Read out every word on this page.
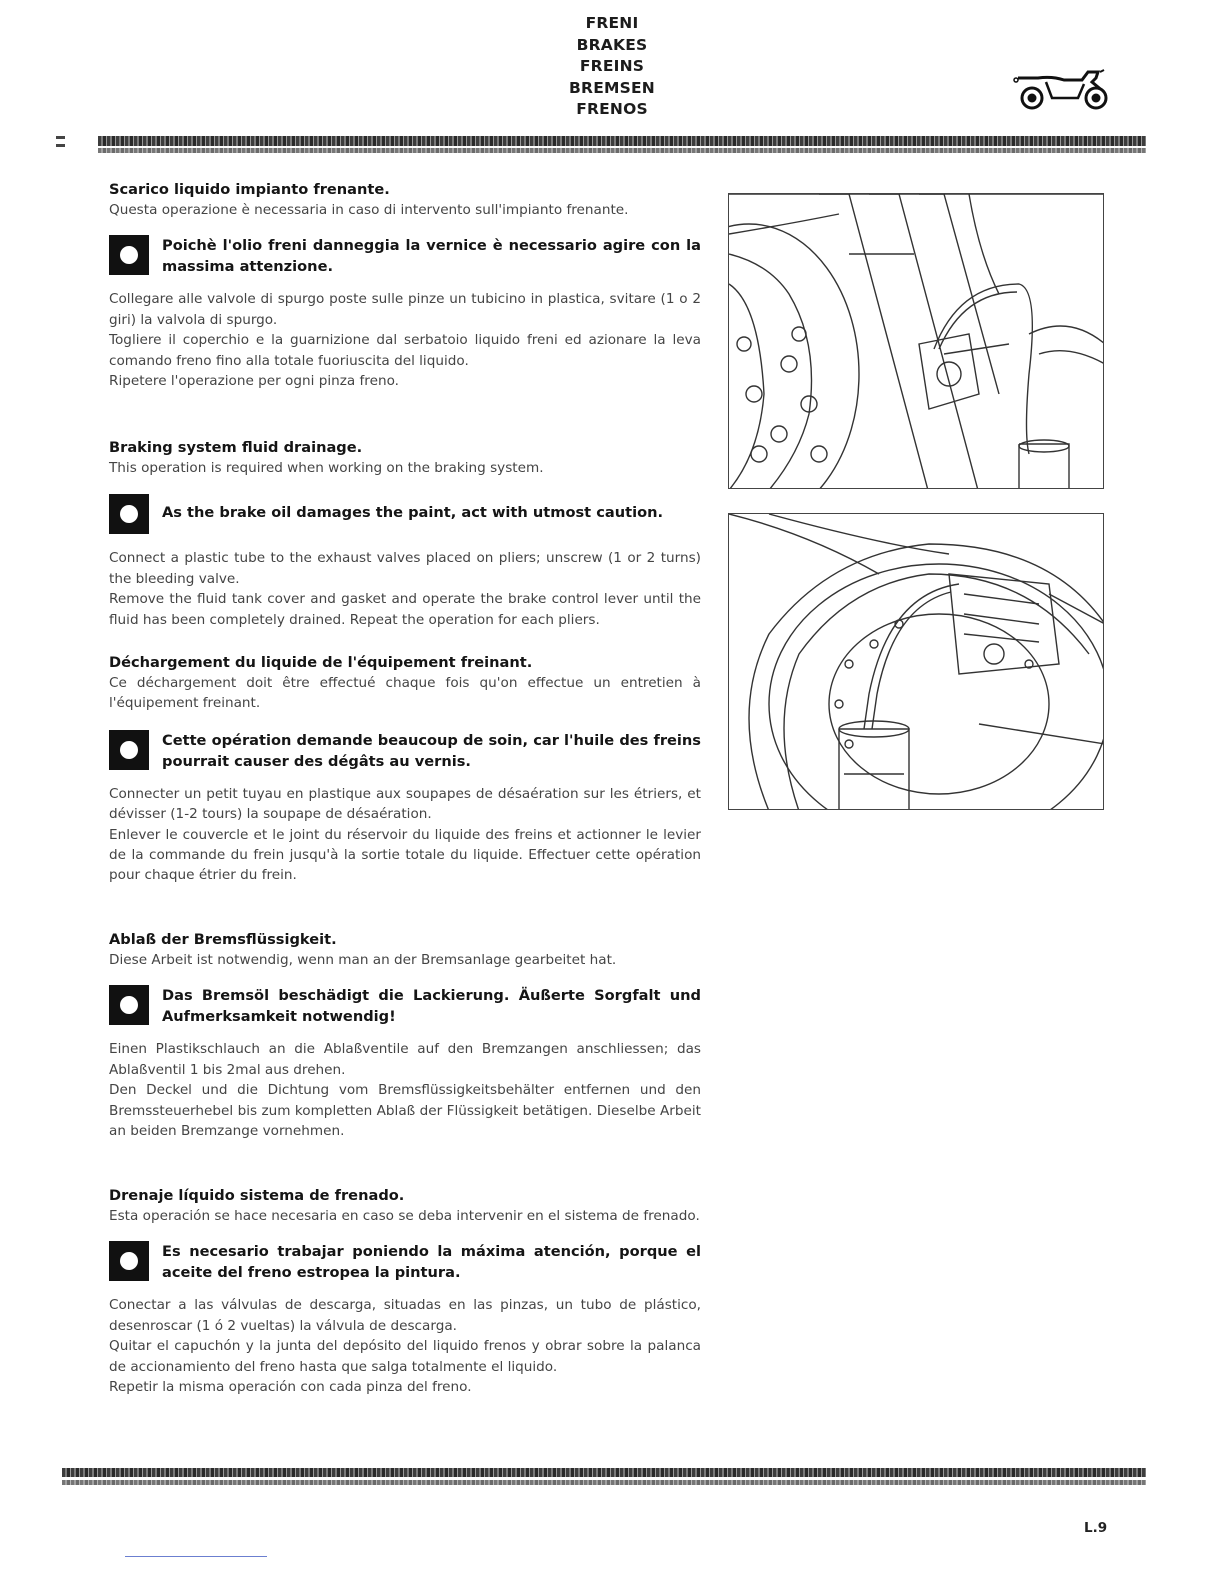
FRENI
BRAKES
FREINS
BREMSEN
FRENOS
Scarico liquido impianto frenante.
Questa operazione è necessaria in caso di intervento sull'impianto frenante.
Poichè l'olio freni danneggia la vernice è necessario agire con la massima attenzione.
Collegare alle valvole di spurgo poste sulle pinze un tubicino in plastica, svitare (1 o 2 giri) la valvola di spurgo.
Togliere il coperchio e la guarnizione dal serbatoio liquido freni ed azionare la leva comando freno fino alla totale fuoriuscita del liquido.
Ripetere l'operazione per ogni pinza freno.
Braking system fluid drainage.
This operation is required when working on the braking system.
As the brake oil damages the paint, act with utmost caution.
Connect a plastic tube to the exhaust valves placed on pliers; unscrew (1 or 2 turns) the bleeding valve.
Remove the fluid tank cover and gasket and operate the brake control lever until the fluid has been completely drained. Repeat the operation for each pliers.
Déchargement du liquide de l'équipement freinant.
Ce déchargement doit être effectué chaque fois qu'on effectue un entretien à l'équipement freinant.
Cette opération demande beaucoup de soin, car l'huile des freins pourrait causer des dégâts au vernis.
Connecter un petit tuyau en plastique aux soupapes de désaération sur les étriers, et dévisser (1-2 tours) la soupape de désaération.
Enlever le couvercle et le joint du réservoir du liquide des freins et actionner le levier de la commande du frein jusqu'à la sortie totale du liquide. Effectuer cette opération pour chaque étrier du frein.
Ablaß der Bremsflüssigkeit.
Diese Arbeit ist notwendig, wenn man an der Bremsanlage gearbeitet hat.
Das Bremsöl beschädigt die Lackierung. Äußerte Sorgfalt und Aufmerksamkeit notwendig!
Einen Plastikschlauch an die Ablaßventile auf den Bremzangen anschliessen; das Ablaßventil 1 bis 2mal aus drehen.
Den Deckel und die Dichtung vom Bremsflüssigkeitsbehälter entfernen und den Bremssteuerhebel bis zum kompletten Ablaß der Flüssigkeit betätigen. Dieselbe Arbeit an beiden Bremzange vornehmen.
Drenaje líquido sistema de frenado.
Esta operación se hace necesaria en caso se deba intervenir en el sistema de frenado.
Es necesario trabajar poniendo la máxima atención, porque el aceite del freno estropea la pintura.
Conectar a las válvulas de descarga, situadas en las pinzas, un tubo de plástico, desenroscar (1 ó 2 vueltas) la válvula de descarga.
Quitar el capuchón y la junta del depósito del liquido frenos y obrar sobre la palanca de accionamiento del freno hasta que salga totalmente el liquido.
Repetir la misma operación con cada pinza del freno.
L.9
